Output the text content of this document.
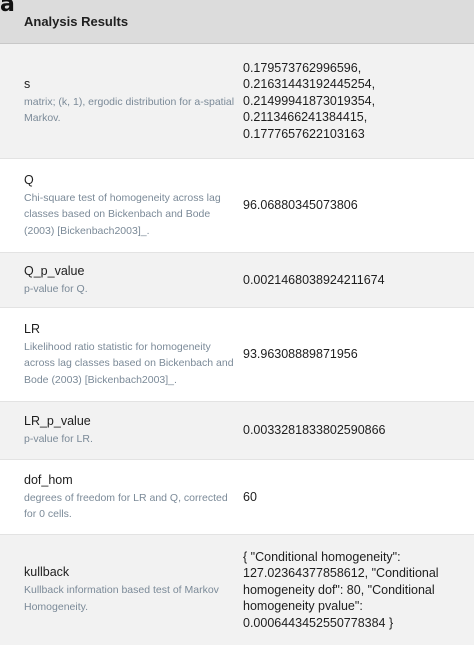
a
Analysis Results	

s
matrix; (k, 1), ergodic distribution for a-spatial Markov.	0.179573762996596,
0.21631443192445254,
0.21499941873019354,
0.2113466241384415,
0.1777657622103163

Q
Chi-square test of homogeneity across lag classes based on Bickenbach and Bode (2003) [Bickenbach2003]_.	96.06880345073806

Q_p_value
p-value for Q.	0.0021468038924211674

LR
Likelihood ratio statistic for homogeneity across lag classes based on Bickenbach and Bode (2003) [Bickenbach2003]_.	93.96308889871956

LR_p_value
p-value for LR.	0.003328183380259086​6

dof_hom
degrees of freedom for LR and Q, corrected for 0 cells.	60

kullback
Kullback information based test of Markov Homogeneity.	{ "Conditional homogeneity":
127.02364377858612, "Conditional
homogeneity dof": 80, "Conditional
homogeneity pvalue":
0.0006443452550778384 }
